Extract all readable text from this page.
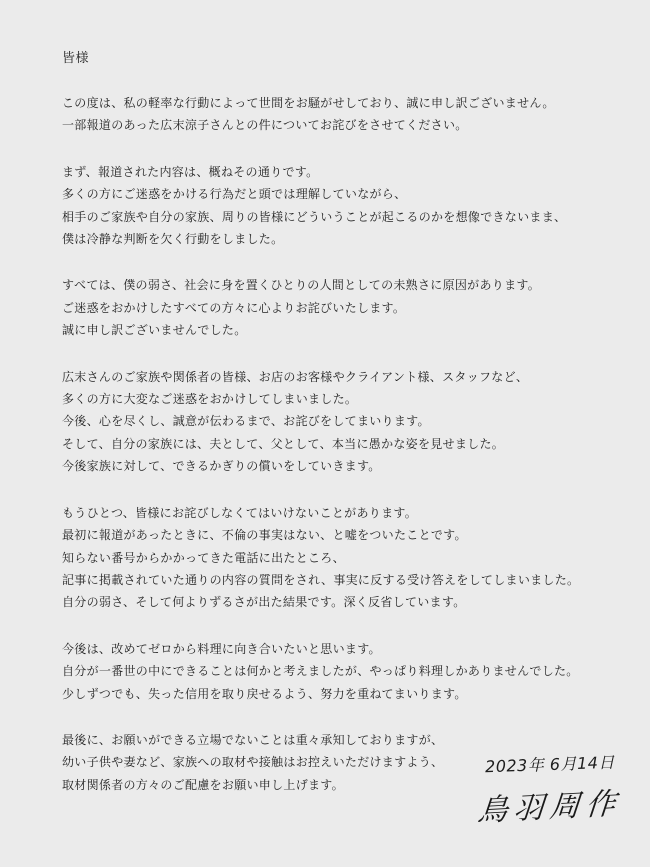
皆様
この度は、私の軽率な行動によって世間をお騒がせしており、誠に申し訳ございません。
一部報道のあった広末涼子さんとの件についてお詫びをさせてください。
まず、報道された内容は、概ねその通りです。
多くの方にご迷惑をかける行為だと頭では理解していながら、
相手のご家族や自分の家族、周りの皆様にどういうことが起こるのかを想像できないまま、
僕は冷静な判断を欠く行動をしました。
すべては、僕の弱さ、社会に身を置くひとりの人間としての未熟さに原因があります。
ご迷惑をおかけしたすべての方々に心よりお詫びいたします。
誠に申し訳ございませんでした。
広末さんのご家族や関係者の皆様、お店のお客様やクライアント様、スタッフなど、
多くの方に大変なご迷惑をおかけしてしまいました。
今後、心を尽くし、誠意が伝わるまで、お詫びをしてまいります。
そして、自分の家族には、夫として、父として、本当に愚かな姿を見せました。
今後家族に対して、できるかぎりの償いをしていきます。
もうひとつ、皆様にお詫びしなくてはいけないことがあります。
最初に報道があったときに、不倫の事実はない、と嘘をついたことです。
知らない番号からかかってきた電話に出たところ、
記事に掲載されていた通りの内容の質問をされ、事実に反する受け答えをしてしまいました。
自分の弱さ、そして何よりずるさが出た結果です。深く反省しています。
今後は、改めてゼロから料理に向き合いたいと思います。
自分が一番世の中にできることは何かと考えましたが、やっぱり料理しかありませんでした。
少しずつでも、失った信用を取り戻せるよう、努力を重ねてまいります。
最後に、お願いができる立場でないことは重々承知しておりますが、
幼い子供や妻など、家族への取材や接触はお控えいただけますよう、
取材関係者の方々のご配慮をお願い申し上げます。
2023年 6月14日
鳥羽周作
